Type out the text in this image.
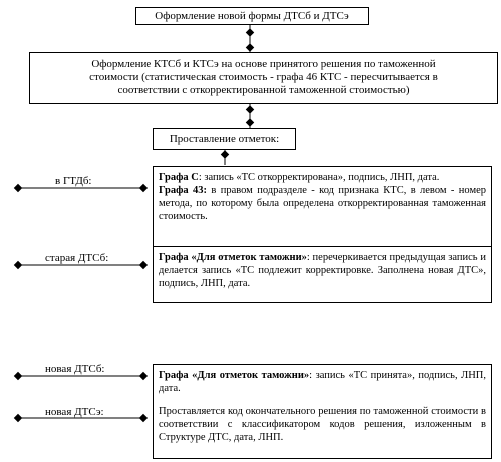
Оформление новой формы ДТСб и ДТСэ
Оформление КТСб и КТСэ на основе принятого решения по таможенной
стоимости (статистическая стоимость - графа 46 КТС - пересчитывается в
соответствии с откорректированной таможенной стоимостью)
Проставление отметок:
в ГТДб:
старая ДТСб:
новая ДТСб:
новая ДТСэ:

Графа С: запись «ТС откорректирована», подпись, ЛНП, дата.

Графа 43: в правом подразделе - код признака КТС, в левом - номер метода, по которому была определена откорректированная таможенная стоимость.

Графа «Для отметок таможни»: перечеркивается предыдущая запись и делается запись «ТС подлежит корректировке. Заполнена новая ДТС», подпись, ЛНП, дата.

Графа «Для отметок таможни»: запись «ТС принята», подпись, ЛНП, дата.

Проставляется код окончательного решения по таможенной стоимости в соответствии с классификатором кодов решения, изложенным в Структуре ДТС, дата, ЛНП.
